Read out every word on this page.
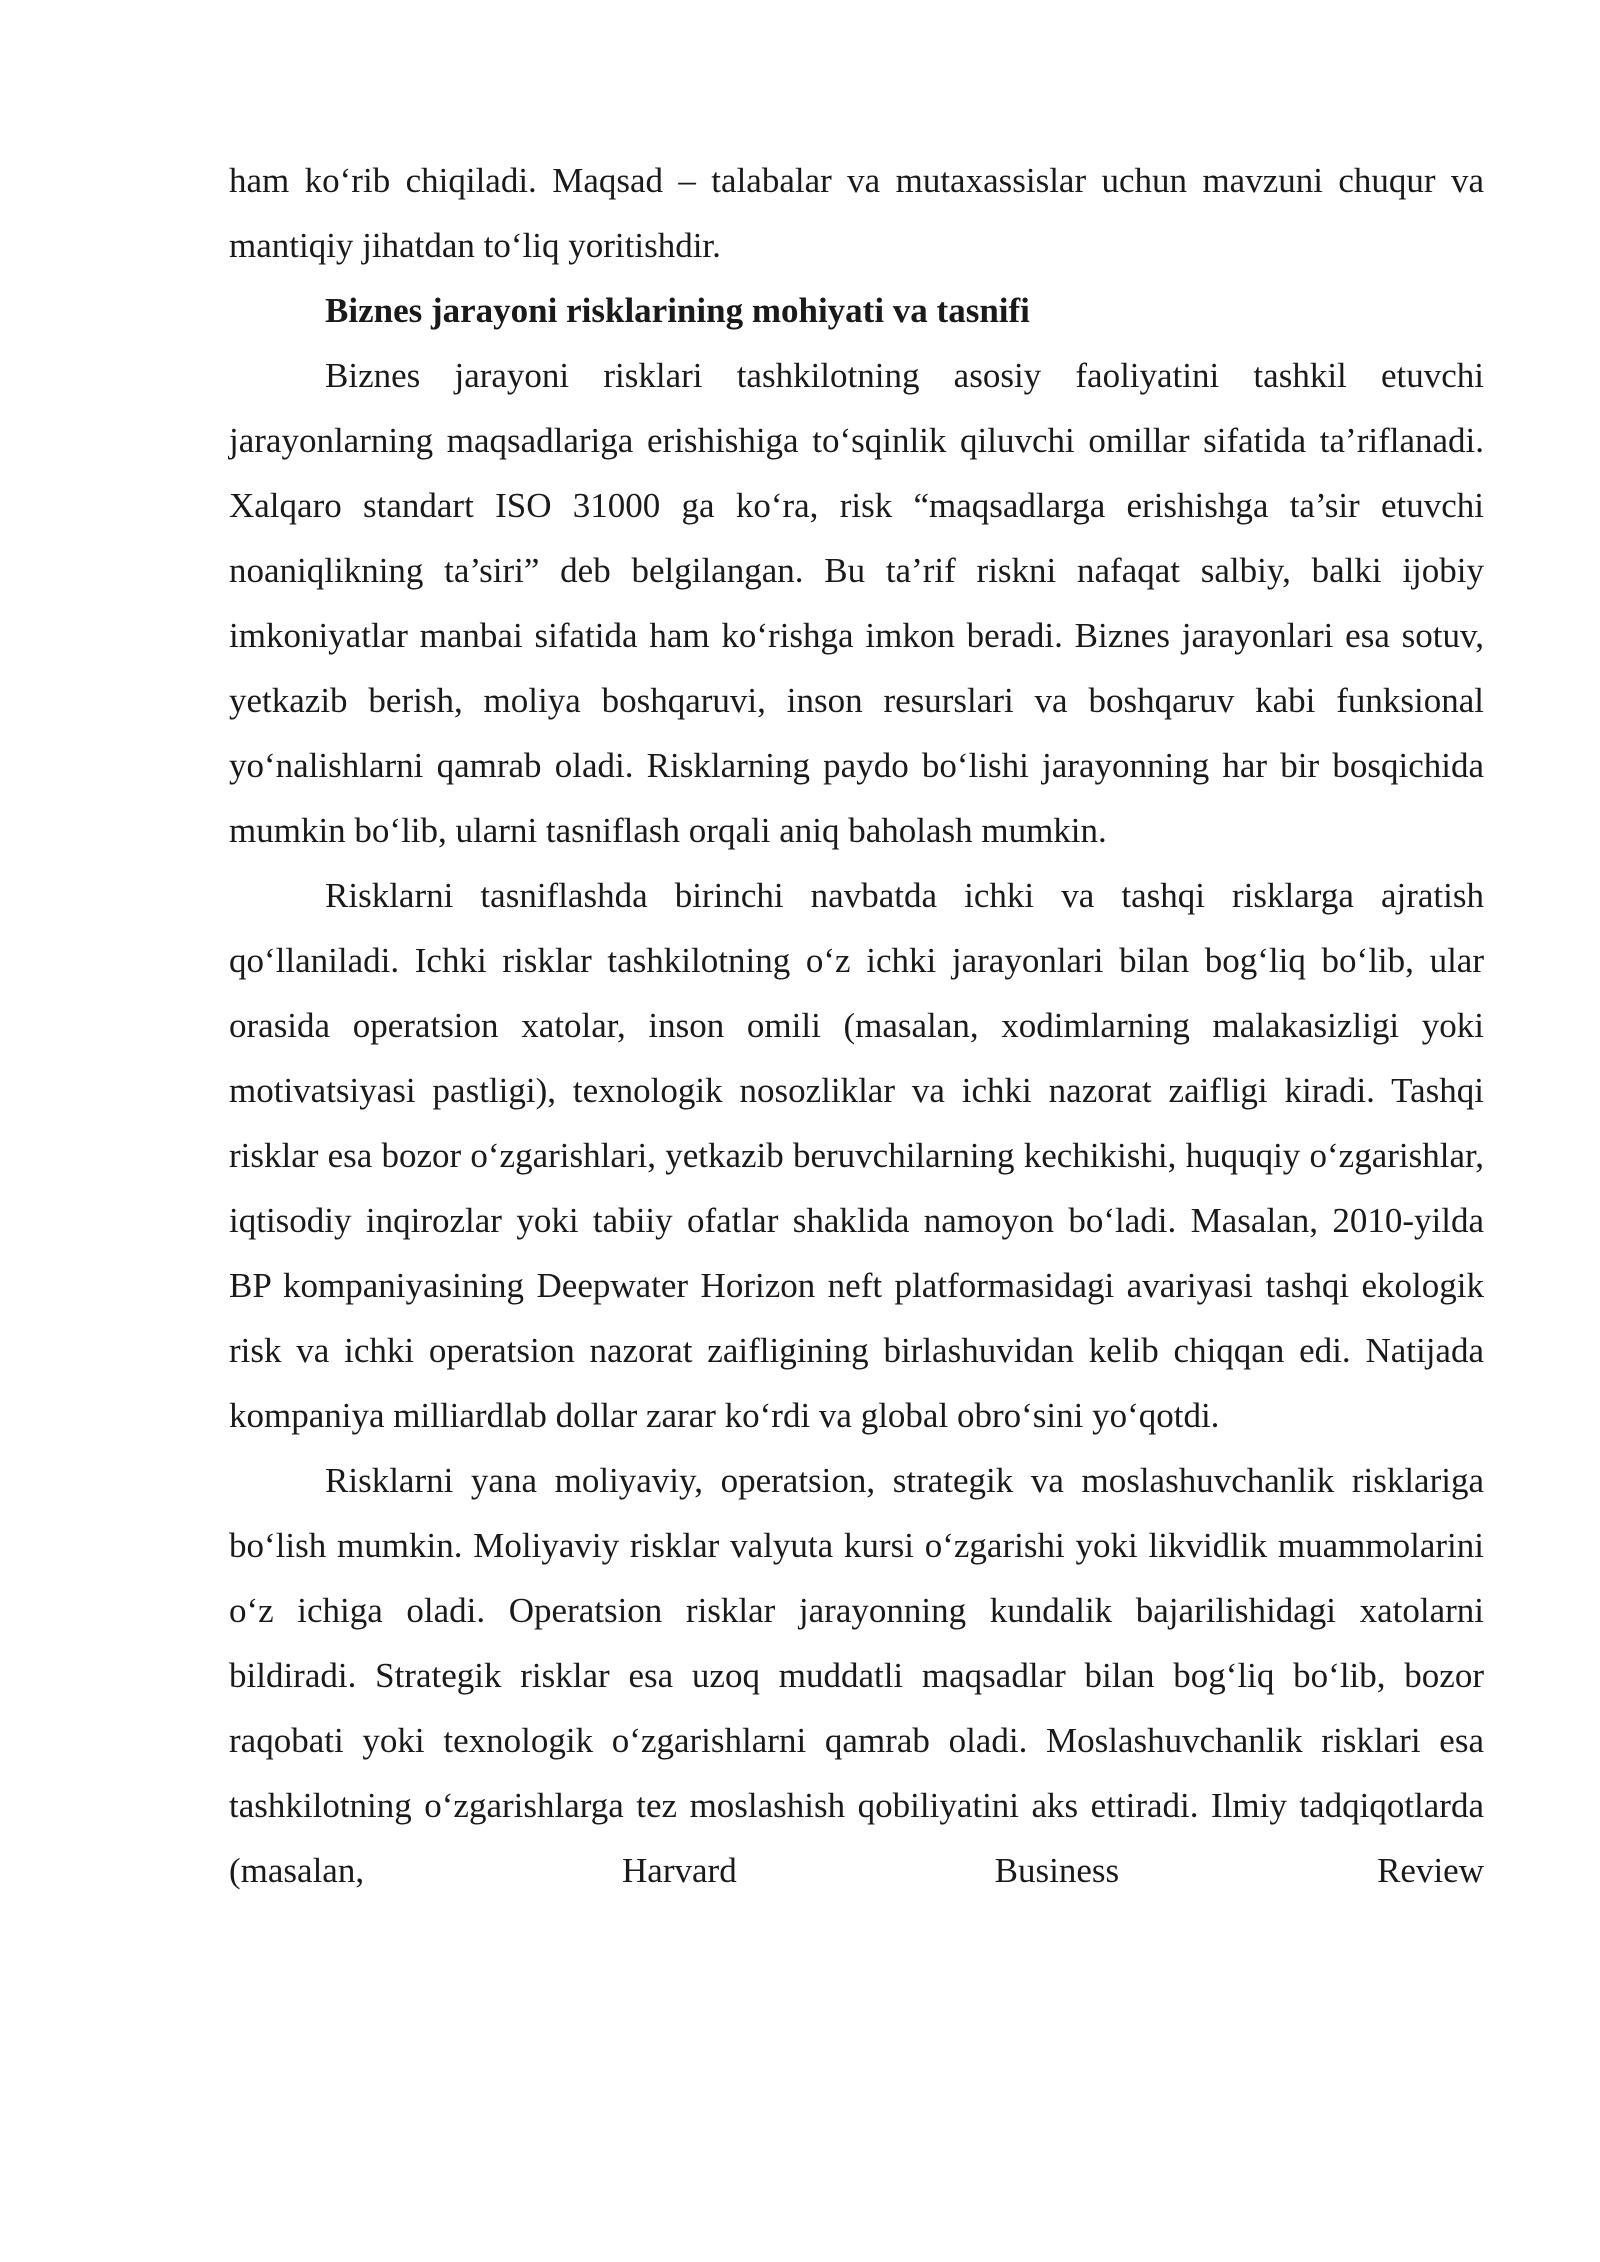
ham ko‘rib chiqiladi. Maqsad – talabalar va mutaxassislar uchun mavzuni chuqur va mantiqiy jihatdan to‘liq yoritishdir.

Biznes jarayoni risklarining mohiyati va tasnifi

Biznes jarayoni risklari tashkilotning asosiy faoliyatini tashkil etuvchi jarayonlarning maqsadlariga erishishiga to‘sqinlik qiluvchi omillar sifatida ta’riflanadi. Xalqaro standart ISO 31000 ga ko‘ra, risk “maqsadlarga erishishga ta’sir etuvchi noaniqlikning ta’siri” deb belgilangan. Bu ta’rif riskni nafaqat salbiy, balki ijobiy imkoniyatlar manbai sifatida ham ko‘rishga imkon beradi. Biznes jarayonlari esa sotuv, yetkazib berish, moliya boshqaruvi, inson resurslari va boshqaruv kabi funksional yo‘nalishlarni qamrab oladi. Risklarning paydo bo‘lishi jarayonning har bir bosqichida mumkin bo‘lib, ularni tasniflash orqali aniq baholash mumkin.

Risklarni tasniflashda birinchi navbatda ichki va tashqi risklarga ajratish qo‘llaniladi. Ichki risklar tashkilotning o‘z ichki jarayonlari bilan bog‘liq bo‘lib, ular orasida operatsion xatolar, inson omili (masalan, xodimlarning malakasizligi yoki motivatsiyasi pastligi), texnologik nosozliklar va ichki nazorat zaifligi kiradi. Tashqi risklar esa bozor o‘zgarishlari, yetkazib beruvchilarning kechikishi, huquqiy o‘zgarishlar, iqtisodiy inqirozlar yoki tabiiy ofatlar shaklida namoyon bo‘ladi. Masalan, 2010-yilda BP kompaniyasining Deepwater Horizon neft platformasidagi avariyasi tashqi ekologik risk va ichki operatsion nazorat zaifligining birlashuvidan kelib chiqqan edi. Natijada kompaniya milliardlab dollar zarar ko‘rdi va global obro‘sini yo‘qotdi.

Risklarni yana moliyaviy, operatsion, strategik va moslashuvchanlik risklariga bo‘lish mumkin. Moliyaviy risklar valyuta kursi o‘zgarishi yoki likvidlik muammolarini o‘z ichiga oladi. Operatsion risklar jarayonning kundalik bajarilishidagi xatolarni bildiradi. Strategik risklar esa uzoq muddatli maqsadlar bilan bog‘liq bo‘lib, bozor raqobati yoki texnologik o‘zgarishlarni qamrab oladi. Moslashuvchanlik risklari esa tashkilotning o‘zgarishlarga tez moslashish qobiliyatini aks ettiradi. Ilmiy tadqiqotlarda (masalan, Harvard Business Review
